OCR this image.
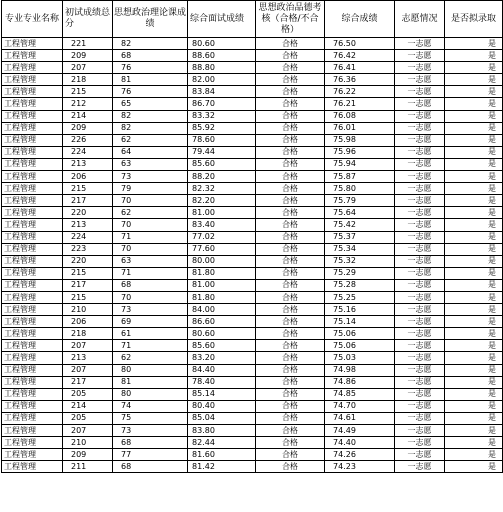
专业专业名称	初试成绩总分	思想政治理论课成绩	综合面试成绩	思想政治品德考核（合格/不合格）	综合成绩	志愿情况	是否拟录取
工程管理	221	82	80.60	合格	76.50	一志愿	是
工程管理	209	68	88.60	合格	76.42	一志愿	是
工程管理	207	76	88.80	合格	76.41	一志愿	是
工程管理	218	81	82.00	合格	76.36	一志愿	是
工程管理	215	76	83.84	合格	76.22	一志愿	是
工程管理	212	65	86.70	合格	76.21	一志愿	是
工程管理	214	82	83.32	合格	76.08	一志愿	是
工程管理	209	82	85.92	合格	76.01	一志愿	是
工程管理	226	62	78.60	合格	75.98	一志愿	是
工程管理	224	64	79.44	合格	75.96	一志愿	是
工程管理	213	63	85.60	合格	75.94	一志愿	是
工程管理	206	73	88.20	合格	75.87	一志愿	是
工程管理	215	79	82.32	合格	75.80	一志愿	是
工程管理	217	70	82.20	合格	75.79	一志愿	是
工程管理	220	62	81.00	合格	75.64	一志愿	是
工程管理	213	70	83.40	合格	75.42	一志愿	是
工程管理	224	71	77.02	合格	75.37	一志愿	是
工程管理	223	70	77.60	合格	75.34	一志愿	是
工程管理	220	63	80.00	合格	75.32	一志愿	是
工程管理	215	71	81.80	合格	75.29	一志愿	是
工程管理	217	68	81.00	合格	75.28	一志愿	是
工程管理	215	70	81.80	合格	75.25	一志愿	是
工程管理	210	73	84.00	合格	75.16	一志愿	是
工程管理	206	69	86.60	合格	75.14	一志愿	是
工程管理	218	61	80.60	合格	75.06	一志愿	是
工程管理	207	71	85.60	合格	75.06	一志愿	是
工程管理	213	62	83.20	合格	75.03	一志愿	是
工程管理	207	80	84.40	合格	74.98	一志愿	是
工程管理	217	81	78.40	合格	74.86	一志愿	是
工程管理	205	80	85.14	合格	74.85	一志愿	是
工程管理	214	74	80.40	合格	74.70	一志愿	是
工程管理	205	75	85.04	合格	74.61	一志愿	是
工程管理	207	73	83.80	合格	74.49	一志愿	是
工程管理	210	68	82.44	合格	74.40	一志愿	是
工程管理	209	77	81.60	合格	74.26	一志愿	是
工程管理	211	68	81.42	合格	74.23	一志愿	是
